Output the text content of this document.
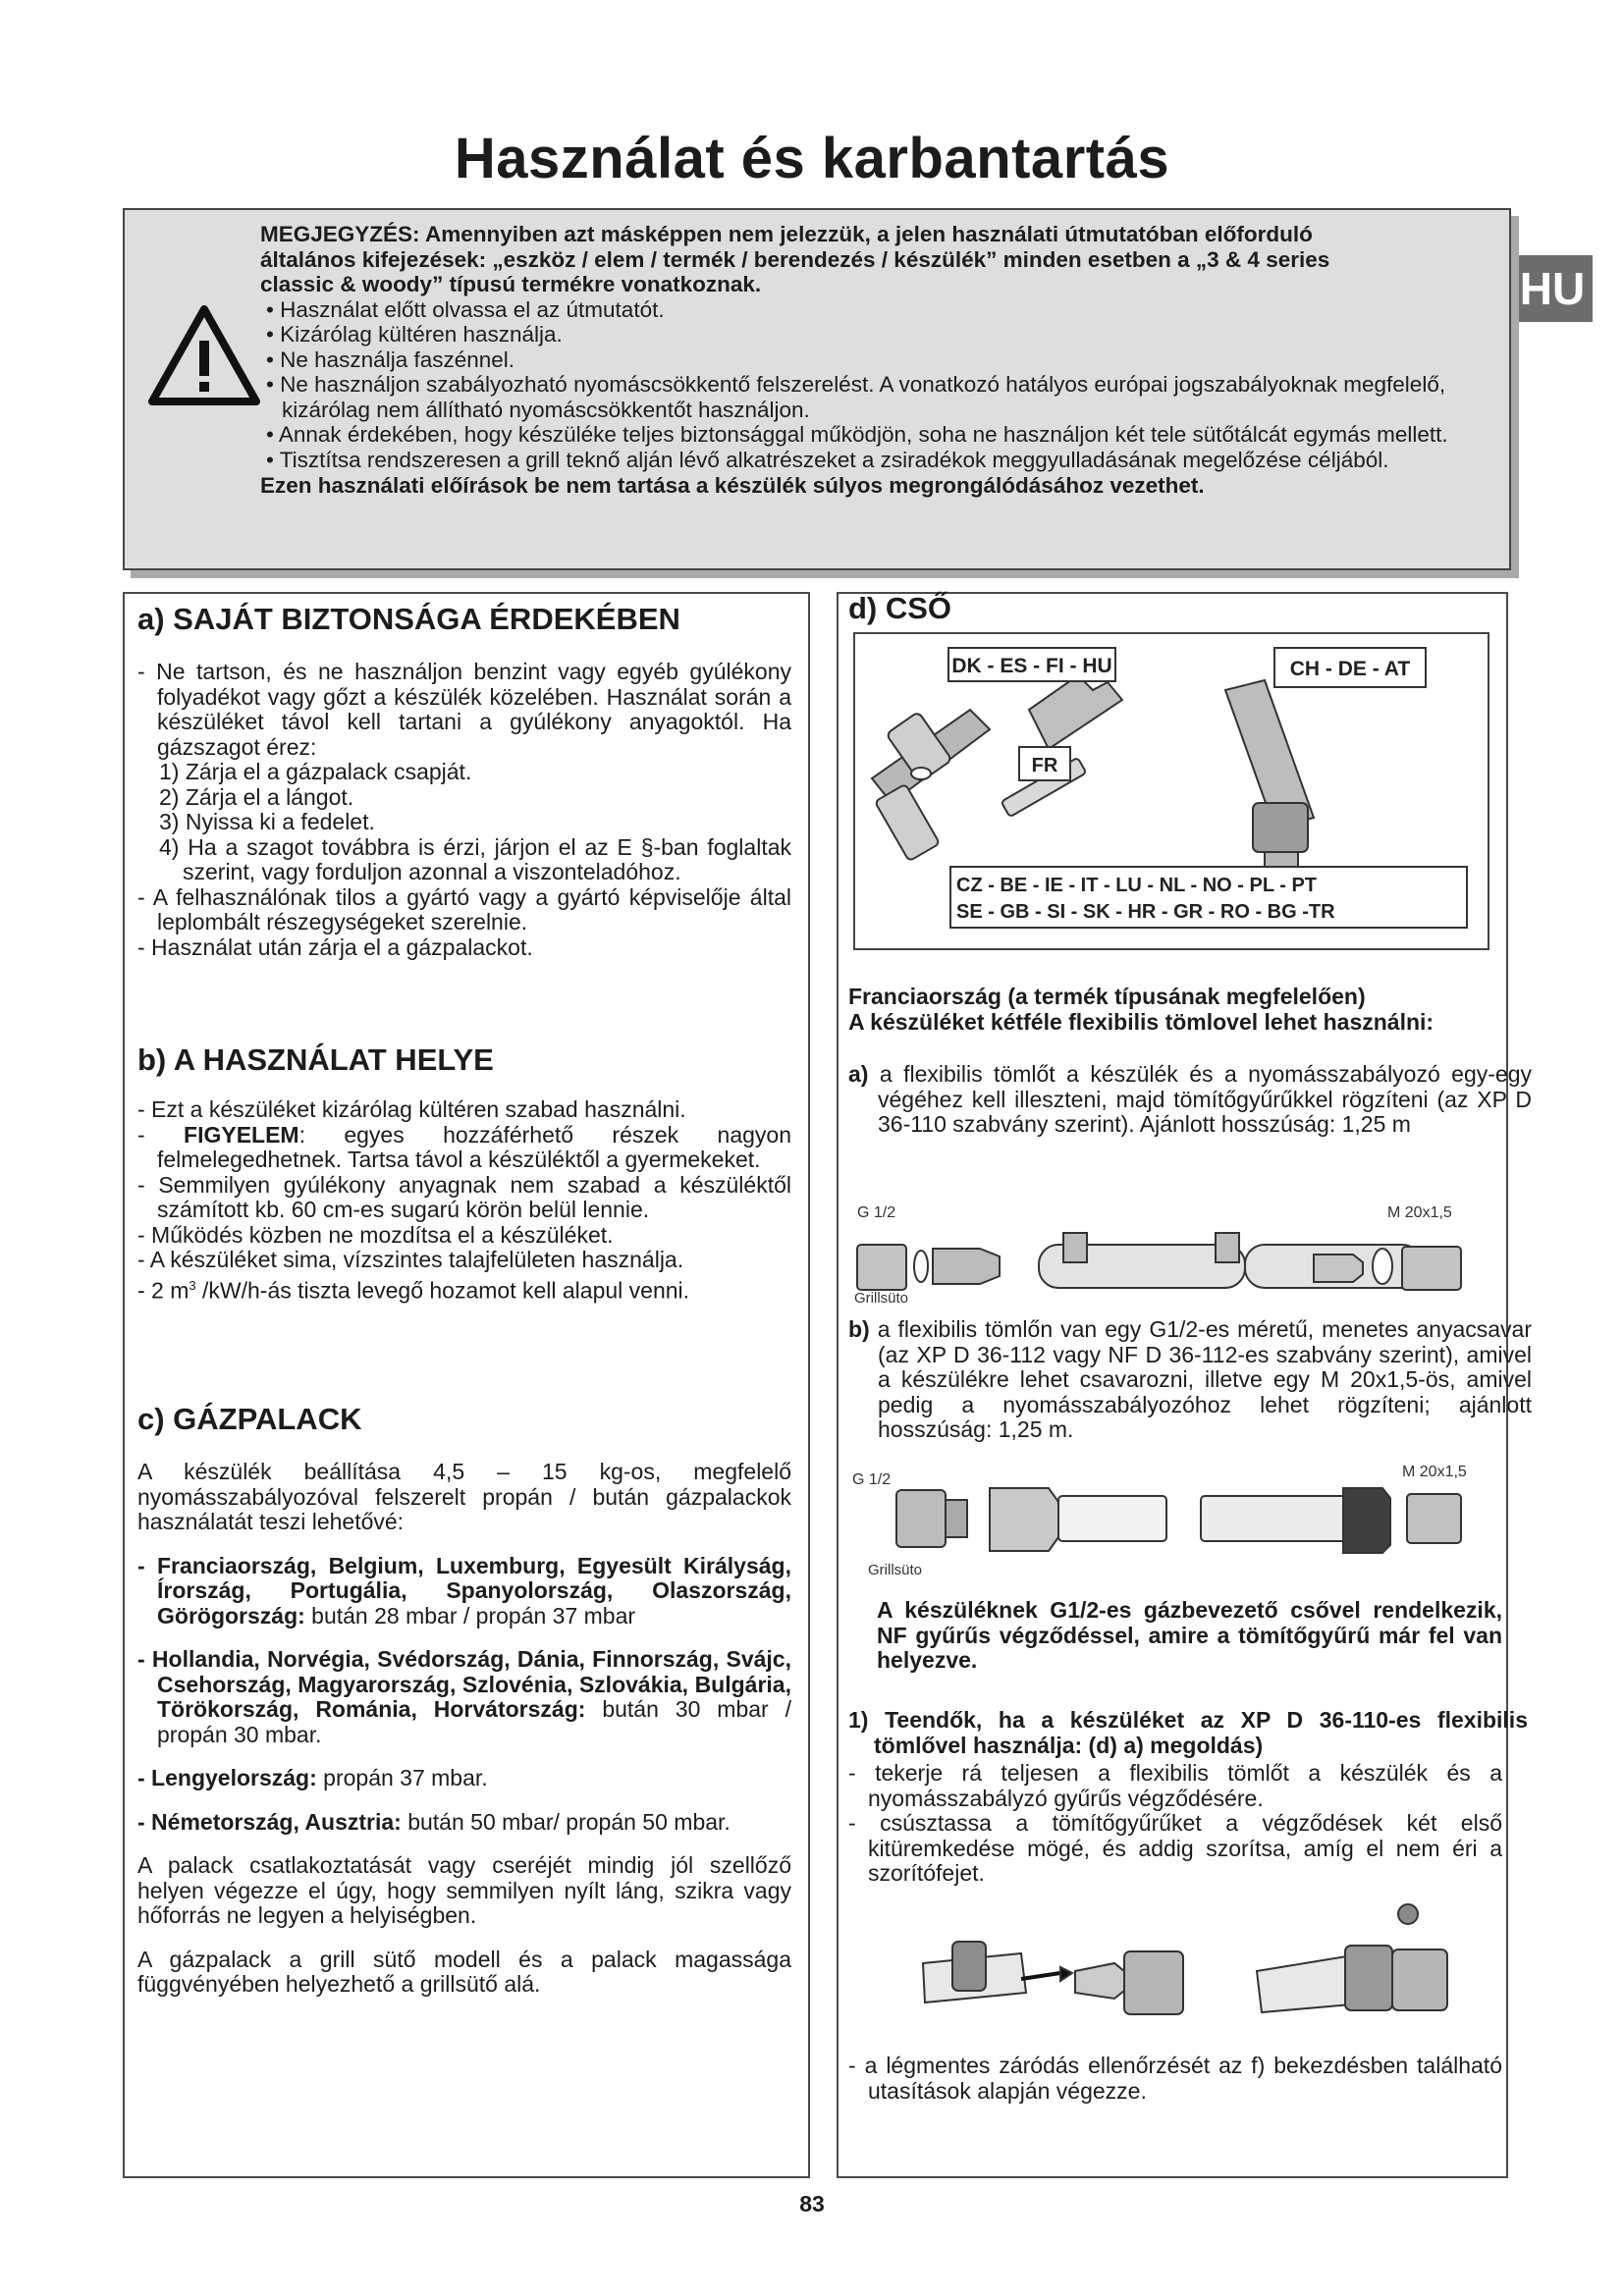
Használat és karbantartás
HU
MEGJEGYZÉS: Amennyiben azt másképpen nem jelezzük, a jelen használati útmutatóban előforduló
általános kifejezések: „eszköz / elem / termék / berendezés / készülék” minden esetben a „3 & 4 series
classic & woody” típusú termékre vonatkoznak.
• Használat előtt olvassa el az útmutatót.
• Kizárólag kültéren használja.
• Ne használja faszénnel.
• Ne használjon szabályozható nyomáscsökkentő felszerelést. A vonatkozó hatályos európai jogszabályoknak megfelelő, kizárólag nem állítható nyomáscsökkentőt használjon.
• Annak érdekében, hogy készüléke teljes biztonsággal működjön, soha ne használjon két tele sütőtálcát egymás mellett.
• Tisztítsa rendszeresen a grill teknő alján lévő alkatrészeket a zsiradékok meggyulladásának megelőzése céljából.
Ezen használati előírások be nem tartása a készülék súlyos megrongálódásához vezethet.
a) SAJÁT BIZTONSÁGA ÉRDEKÉBEN
- Ne tartson, és ne használjon benzint vagy egyéb gyúlékony folyadékot vagy gőzt a készülék közelében. Használat során a készüléket távol kell tartani a gyúlékony anyagoktól. Ha gázszagot érez:
1) Zárja el a gázpalack csapját.
2) Zárja el a lángot.
3) Nyissa ki a fedelet.
4) Ha a szagot továbbra is érzi, járjon el az E §-ban foglaltak szerint, vagy forduljon azonnal a viszonteladóhoz.
- A felhasználónak tilos a gyártó vagy a gyártó képviselője által leplombált részegységeket szerelnie.
- Használat után zárja el a gázpalackot.
b) A HASZNÁLAT HELYE
- Ezt a készüléket kizárólag kültéren szabad használni.
- FIGYELEM: egyes hozzáférhető részek nagyon felmelegedhetnek. Tartsa távol a készüléktől a gyermekeket.
- Semmilyen gyúlékony anyagnak nem szabad a készüléktől számított kb. 60 cm-es sugarú körön belül lennie.
- Működés közben ne mozdítsa el a készüléket.
- A készüléket sima, vízszintes talajfelületen használja.
- 2 $m^3$ /kW/h-ás tiszta levegő hozamot kell alapul venni.
c) GÁZPALACK
A készülék beállítása 4,5 – 15 kg-os, megfelelő nyomásszabályozóval felszerelt propán / bután gázpalackok használatát teszi lehetővé:
- Franciaország, Belgium, Luxemburg, Egyesült Királyság, Írország, Portugália, Spanyolország, Olaszország, Görögország: bután 28 mbar / propán 37 mbar
- Hollandia, Norvégia, Svédország, Dánia, Finnország, Svájc, Csehország, Magyarország, Szlovénia, Szlovákia, Bulgária, Törökország, Románia, Horvátország: bután 30 mbar / propán 30 mbar.
- Lengyelország: propán 37 mbar.
- Németország, Ausztria: bután 50 mbar/ propán 50 mbar.
A palack csatlakoztatását vagy cseréjét mindig jól szellőző helyen végezze el úgy, hogy semmilyen nyílt láng, szikra vagy hőforrás ne legyen a helyiségben.
A gázpalack a grill sütő modell és a palack magassága függvényében helyezhető a grillsütő alá.
d) CSŐ
DK - ES - FI - HU	CH - DE - AT
FR
CZ - BE - IE - IT - LU - NL - NO - PL - PT
SE - GB - SI - SK - HR - GR - RO - BG -TR
Franciaország (a termék típusának megfelelően)
A készüléket kétféle flexibilis tömlovel lehet használni:
a) a flexibilis tömlőt a készülék és a nyomásszabályozó egy-egy végéhez kell illeszteni, majd tömítőgyűrűkkel rögzíteni (az XP D 36-110 szabvány szerint). Ajánlott hosszúság: 1,25 m
G 1/2	M 20x1,5
Grillsüto
b) a flexibilis tömlőn van egy G1/2-es méretű, menetes anyacsavar (az XP D 36-112 vagy NF D 36-112-es szabvány szerint), amivel a készülékre lehet csavarozni, illetve egy M 20x1,5-ös, amivel pedig a nyomásszabályozóhoz lehet rögzíteni; ajánlott hosszúság: 1,25 m.
G 1/2	M 20x1,5
Grillsüto
A készüléknek G1/2-es gázbevezető csővel rendelkezik, NF gyűrűs végződéssel, amire a tömítőgyűrű már fel van helyezve.
1) Teendők, ha a készüléket az XP D 36-110-es flexibilis tömlővel használja: (d) a) megoldás)
- tekerje rá teljesen a flexibilis tömlőt a készülék és a nyomásszabályzó gyűrűs végződésére.
- csúsztassa a tömítőgyűrűket a végződések két első kitüremkedése mögé, és addig szorítsa, amíg el nem éri a szorítófejet.
- a légmentes záródás ellenőrzését az f) bekezdésben található utasítások alapján végezze.
83
